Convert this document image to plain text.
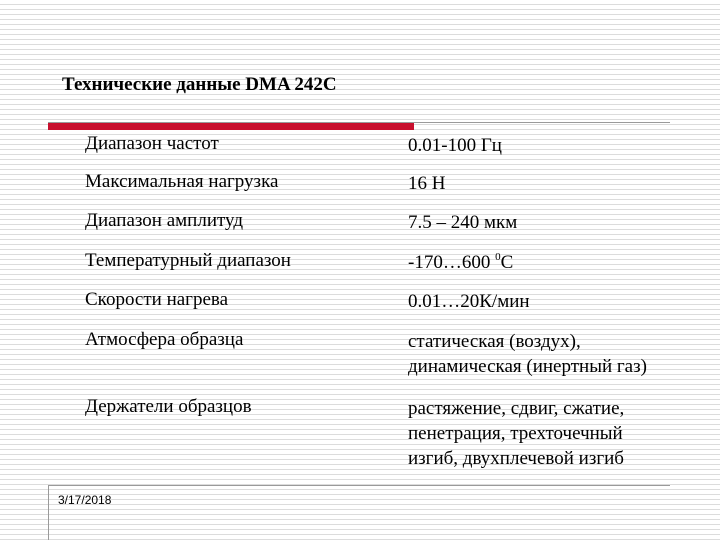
Технические данные DMA 242C
Диапазон частот	0.01-100 Гц
Максимальная нагрузка	16 Н
Диапазон амплитуд	7.5 – 240 мкм
Температурный диапазон	-170…600 $^0$С
Скорости нагрева	0.01…20К/мин
Атмосфера образца	статическая (воздух),
динамическая (инертный газ)
Держатели образцов	растяжение, сдвиг, сжатие,
пенетрация, трехточечный
изгиб, двухплечевой изгиб
3/17/2018
